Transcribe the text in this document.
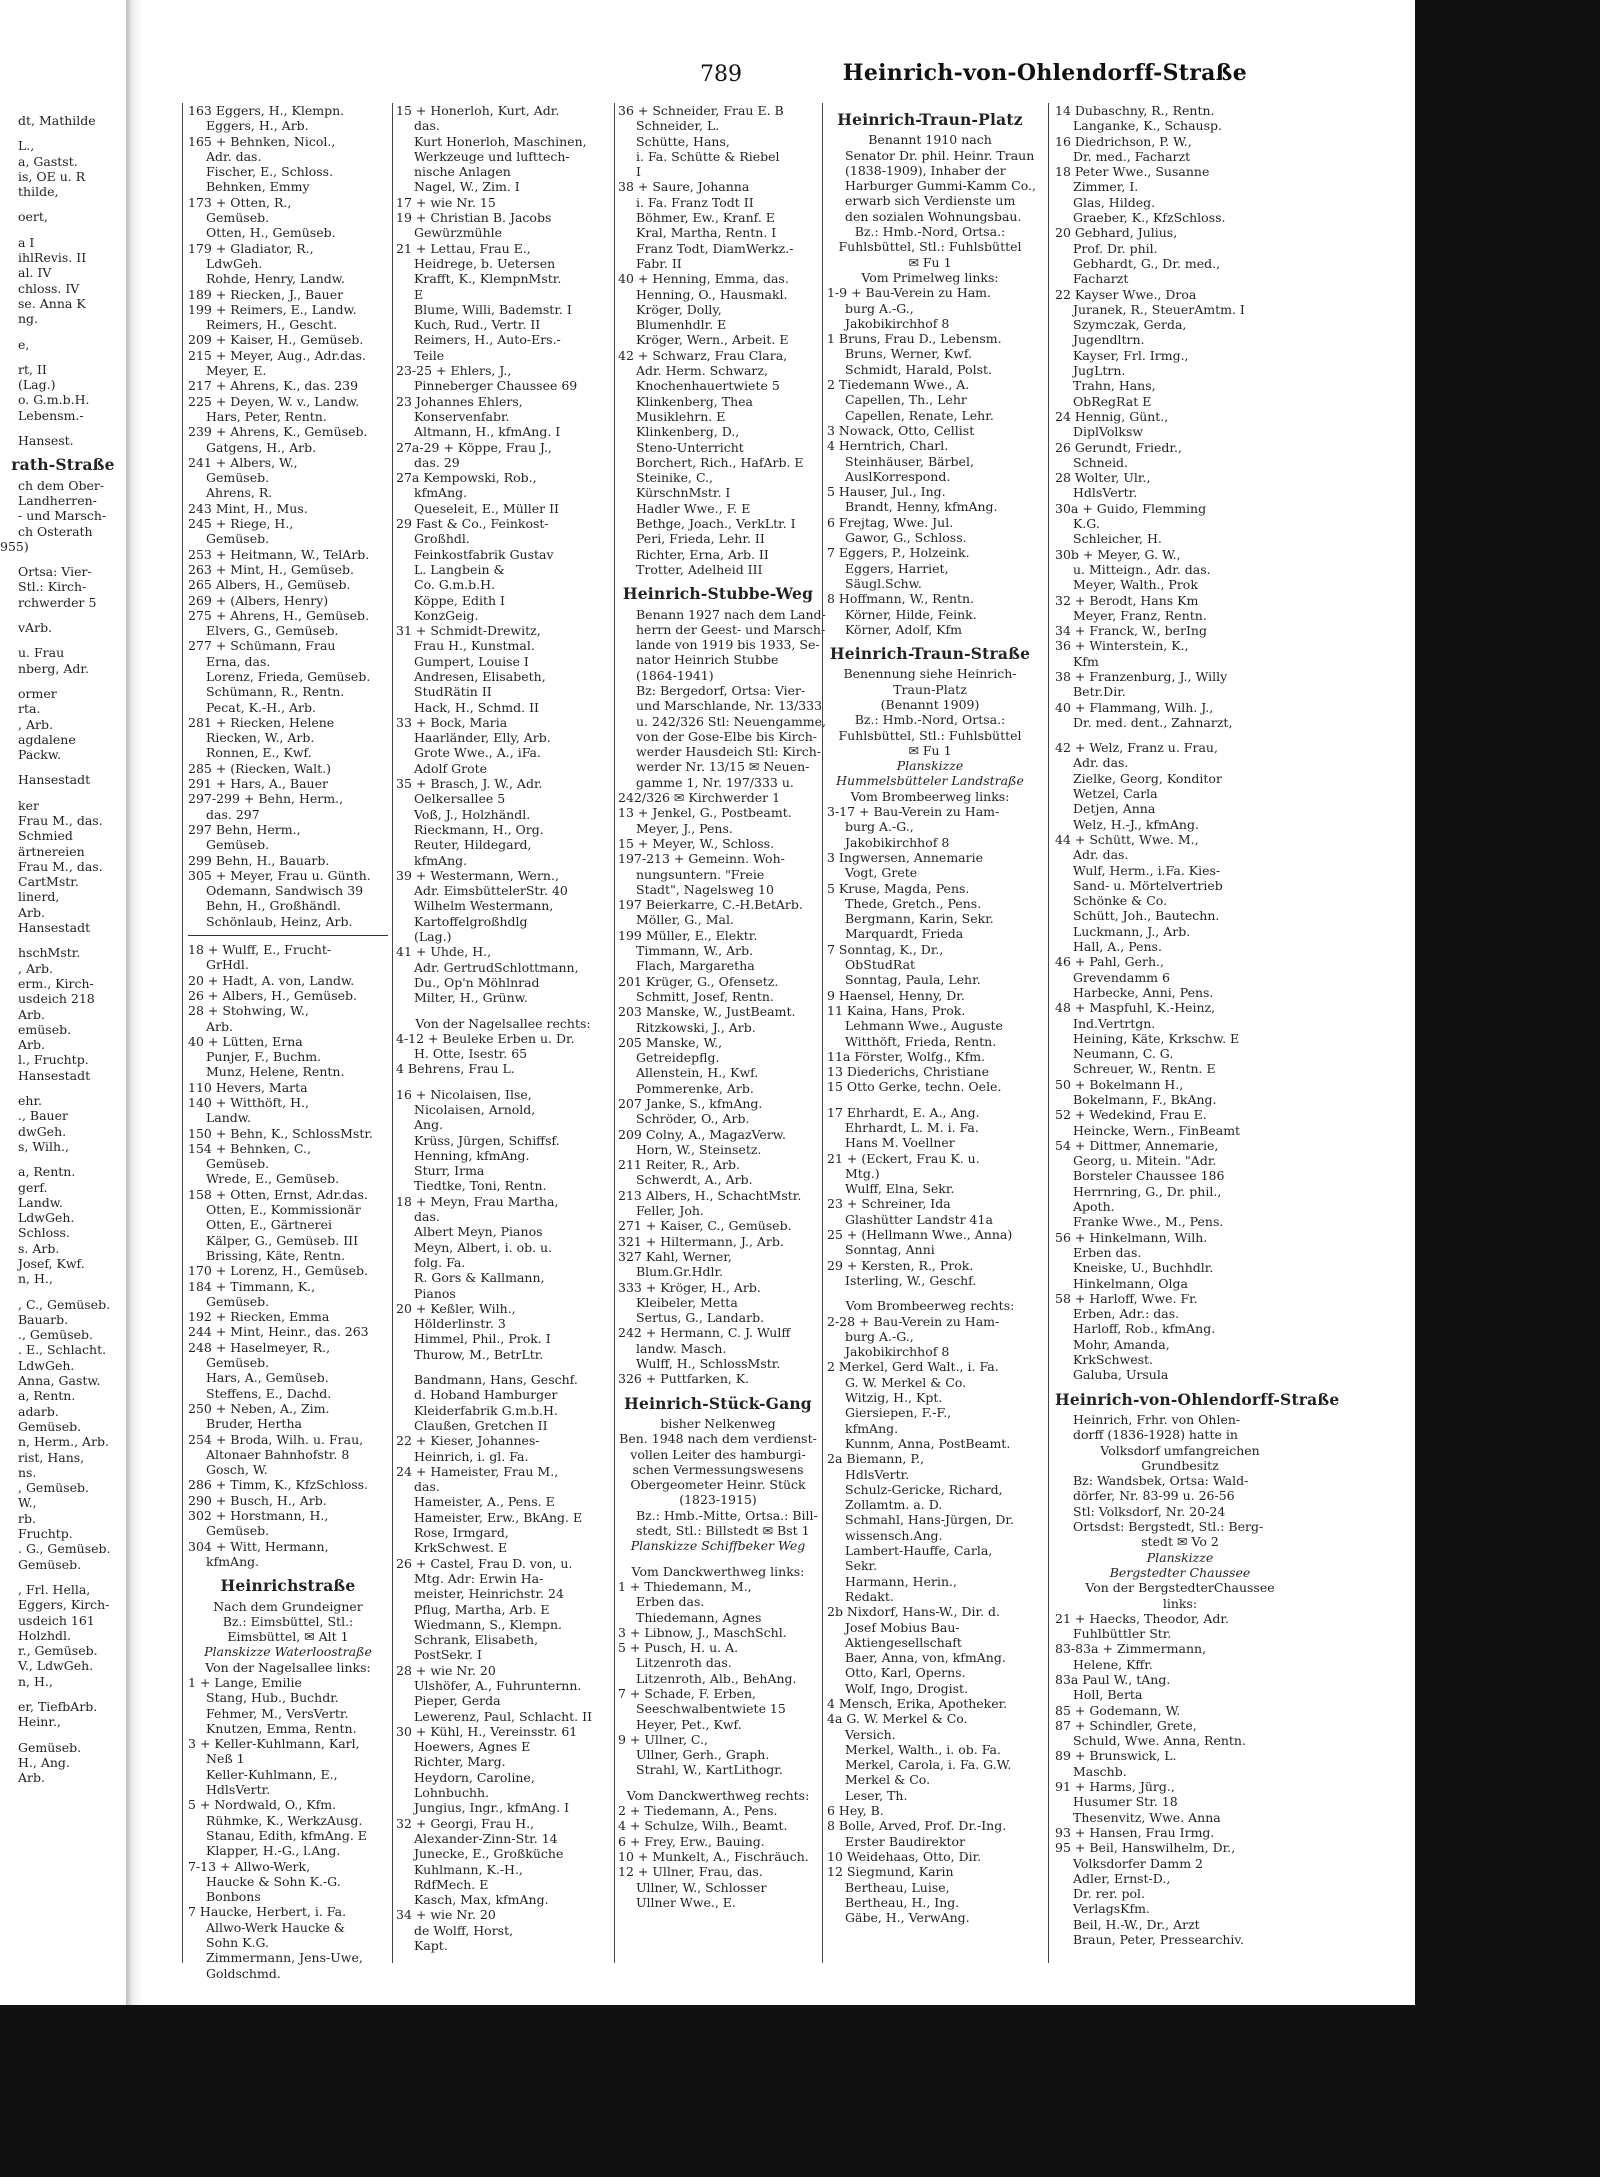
789	Heinrich-von-Ohlendorff-Straße
dt, Mathilde
L.,
a, Gastst.
is, OE u. R
thilde,
oert,
a I
ihlRevis. II
al. IV
chloss. IV
se. Anna K
ng.
e,
rt, II
(Lag.)
o. G.m.b.H.
Lebensm.-
Hansest.
rath-Straße
ch dem Ober-
Landherren-
- und Marsch-
ch Osterath
955)
Ortsa: Vier-
Stl.: Kirch-
rchwerder 5
vArb.
u. Frau
nberg, Adr.
ormer
rta.
, Arb.
agdalene
Packw.
Hansestadt
ker
Frau M., das.
Schmied
ärtnereien
Frau M., das.
CartMstr.
linerd,
Arb.
Hansestadt
hschMstr.
, Arb.
erm., Kirch-
usdeich 218
Arb.
emüseb.
Arb.
l., Fruchtp.
Hansestadt
ehr.
., Bauer
dwGeh.
s, Wilh.,
a, Rentn.
gerf.
Landw.
LdwGeh.
Schloss.
s. Arb.
Josef, Kwf.
n, H.,
, C., Gemüseb.
Bauarb.
., Gemüseb.
. E., Schlacht.
LdwGeh.
Anna, Gastw.
a, Rentn.
adarb.
Gemüseb.
n, Herm., Arb.
rist, Hans,
ns.
, Gemüseb.
W.,
rb.
Fruchtp.
. G., Gemüseb.
Gemüseb.
, Frl. Hella,
Eggers, Kirch-
usdeich 161
Holzhdl.
r., Gemüseb.
V., LdwGeh.
n, H.,
er, TiefbArb.
Heinr.,
Gemüseb.
H., Ang.
Arb.
163 Eggers, H., Klempn.
Eggers, H., Arb.
165 + Behnken, Nicol.,
Adr. das.
Fischer, E., Schloss.
Behnken, Emmy
173 + Otten, R.,
Gemüseb.
Otten, H., Gemüseb.
179 + Gladiator, R.,
LdwGeh.
Rohde, Henry, Landw.
189 + Riecken, J., Bauer
199 + Reimers, E., Landw.
Reimers, H., Gescht.
209 + Kaiser, H., Gemüseb.
215 + Meyer, Aug., Adr.das.
Meyer, E.
217 + Ahrens, K., das. 239
225 + Deyen, W. v., Landw.
Hars, Peter, Rentn.
239 + Ahrens, K., Gemüseb.
Gatgens, H., Arb.
241 + Albers, W.,
Gemüseb.
Ahrens, R.
243 Mint, H., Mus.
245 + Riege, H.,
Gemüseb.
253 + Heitmann, W., TelArb.
263 + Mint, H., Gemüseb.
265 Albers, H., Gemüseb.
269 + (Albers, Henry)
275 + Ahrens, H., Gemüseb.
Elvers, G., Gemüseb.
277 + Schümann, Frau
Erna, das.
Lorenz, Frieda, Gemüseb.
Schümann, R., Rentn.
Pecat, K.-H., Arb.
281 + Riecken, Helene
Riecken, W., Arb.
Ronnen, E., Kwf.
285 + (Riecken, Walt.)
291 + Hars, A., Bauer
297-299 + Behn, Herm.,
das. 297
297 Behn, Herm.,
Gemüseb.
299 Behn, H., Bauarb.
305 + Meyer, Frau u. Günth.
Odemann, Sandwisch 39
Behn, H., Großhändl.
Schönlaub, Heinz, Arb.
18 + Wulff, E., Frucht-
GrHdl.
20 + Hadt, A. von, Landw.
26 + Albers, H., Gemüseb.
28 + Stohwing, W.,
Arb.
40 + Lütten, Erna
Punjer, F., Buchm.
Munz, Helene, Rentn.
110 Hevers, Marta
140 + Witthöft, H.,
Landw.
150 + Behn, K., SchlossMstr.
154 + Behnken, C.,
Gemüseb.
Wrede, E., Gemüseb.
158 + Otten, Ernst, Adr.das.
Otten, E., Kommissionär
Otten, E., Gärtnerei
Kälper, G., Gemüseb. III
Brissing, Käte, Rentn.
170 + Lorenz, H., Gemüseb.
184 + Timmann, K.,
Gemüseb.
192 + Riecken, Emma
244 + Mint, Heinr., das. 263
248 + Haselmeyer, R.,
Gemüseb.
Hars, A., Gemüseb.
Steffens, E., Dachd.
250 + Neben, A., Zim.
Bruder, Hertha
254 + Broda, Wilh. u. Frau,
Altonaer Bahnhofstr. 8
Gosch, W.
286 + Timm, K., KfzSchloss.
290 + Busch, H., Arb.
302 + Horstmann, H.,
Gemüseb.
304 + Witt, Hermann,
kfmAng.
Heinrichstraße
Nach dem Grundeigner
Bz.: Eimsbüttel, Stl.:
Eimsbüttel, ✉ Alt 1
Planskizze Waterloostraße
Von der Nagelsallee links:
1 + Lange, Emilie
Stang, Hub., Buchdr.
Fehmer, M., VersVertr.
Knutzen, Emma, Rentn.
3 + Keller-Kuhlmann, Karl,
Neß 1
Keller-Kuhlmann, E.,
HdlsVertr.
5 + Nordwald, O., Kfm.
Rühmke, K., WerkzAusg.
Stanau, Edith, kfmAng. E
Klapper, H.-G., l.Ang.
7-13 + Allwo-Werk,
Haucke & Sohn K.-G.
Bonbons
7 Haucke, Herbert, i. Fa.
Allwo-Werk Haucke &
Sohn K.G.
Zimmermann, Jens-Uwe,
Goldschmd.
15 + Honerloh, Kurt, Adr.
das.
Kurt Honerloh, Maschinen,
Werkzeuge und lufttech-
nische Anlagen
Nagel, W., Zim. I
17 + wie Nr. 15
19 + Christian B. Jacobs
Gewürzmühle
21 + Lettau, Frau E.,
Heidrege, b. Uetersen
Krafft, K., KlempnMstr.
E
Blume, Willi, Bademstr. I
Kuch, Rud., Vertr. II
Reimers, H., Auto-Ers.-
Teile
23-25 + Ehlers, J.,
Pinneberger Chaussee 69
23 Johannes Ehlers,
Konservenfabr.
Altmann, H., kfmAng. I
27a-29 + Köppe, Frau J.,
das. 29
27a Kempowski, Rob.,
kfmAng.
Queseleit, E., Müller II
29 Fast & Co., Feinkost-
Großhdl.
Feinkostfabrik Gustav
L. Langbein &
Co. G.m.b.H.
Köppe, Edith I
KonzGeig.
31 + Schmidt-Drewitz,
Frau H., Kunstmal.
Gumpert, Louise I
Andresen, Elisabeth,
StudRätin II
Hack, H., Schmd. II
33 + Bock, Maria
Haarländer, Elly, Arb.
Grote Wwe., A., iFa.
Adolf Grote
35 + Brasch, J. W., Adr.
Oelkersallee 5
Voß, J., Holzhändl.
Rieckmann, H., Org.
Reuter, Hildegard,
kfmAng.
39 + Westermann, Wern.,
Adr. EimsbüttelerStr. 40
Wilhelm Westermann,
Kartoffelgroßhdlg
(Lag.)
41 + Uhde, H.,
Adr. GertrudSchlottmann,
Du., Op'n Möhlnrad
Milter, H., Grünw.
Von der Nagelsallee rechts:
4-12 + Beuleke Erben u. Dr.
H. Otte, Isestr. 65
4 Behrens, Frau L.
16 + Nicolaisen, Ilse,
Nicolaisen, Arnold,
Ang.
Krüss, Jürgen, Schiffsf.
Henning, kfmAng.
Sturr, Irma
Tiedtke, Toni, Rentn.
18 + Meyn, Frau Martha,
das.
Albert Meyn, Pianos
Meyn, Albert, i. ob. u.
folg. Fa.
R. Gors & Kallmann,
Pianos
20 + Keßler, Wilh.,
Hölderlinstr. 3
Himmel, Phil., Prok. I
Thurow, M., BetrLtr.
Bandmann, Hans, Geschf.
d. Hoband Hamburger
Kleiderfabrik G.m.b.H.
Claußen, Gretchen II
22 + Kieser, Johannes-
Heinrich, i. gl. Fa.
24 + Hameister, Frau M.,
das.
Hameister, A., Pens. E
Hameister, Erw., BkAng. E
Rose, Irmgard,
KrkSchwest. E
26 + Castel, Frau D. von, u.
Mtg. Adr: Erwin Ha-
meister, Heinrichstr. 24
Pflug, Martha, Arb. E
Wiedmann, S., Klempn.
Schrank, Elisabeth,
PostSekr. I
28 + wie Nr. 20
Ulshöfer, A., Fuhrunternn.
Pieper, Gerda
Lewerenz, Paul, Schlacht. II
30 + Kühl, H., Vereinsstr. 61
Hoewers, Agnes E
Richter, Marg.
Heydorn, Caroline,
Lohnbuchh.
Jungius, Ingr., kfmAng. I
32 + Georgi, Frau H.,
Alexander-Zinn-Str. 14
Junecke, E., Großküche
Kuhlmann, K.-H.,
RdfMech. E
Kasch, Max, kfmAng.
34 + wie Nr. 20
de Wolff, Horst,
Kapt.
36 + Schneider, Frau E. B
Schneider, L.
Schütte, Hans,
i. Fa. Schütte & Riebel
I
38 + Saure, Johanna
i. Fa. Franz Todt II
Böhmer, Ew., Kranf. E
Kral, Martha, Rentn. I
Franz Todt, DiamWerkz.-
Fabr. II
40 + Henning, Emma, das.
Henning, O., Hausmakl.
Kröger, Dolly,
Blumenhdlr. E
Kröger, Wern., Arbeit. E
42 + Schwarz, Frau Clara,
Adr. Herm. Schwarz,
Knochenhauertwiete 5
Klinkenberg, Thea
Musiklehrn. E
Klinkenberg, D.,
Steno-Unterricht
Borchert, Rich., HafArb. E
Steinike, C.,
KürschnMstr. I
Hadler Wwe., F. E
Bethge, Joach., VerkLtr. I
Peri, Frieda, Lehr. II
Richter, Erna, Arb. II
Trotter, Adelheid III
Heinrich-Stubbe-Weg
Benann 1927 nach dem Land-
herrn der Geest- und Marsch-
lande von 1919 bis 1933, Se-
nator Heinrich Stubbe
(1864-1941)
Bz: Bergedorf, Ortsa: Vier-
und Marschlande, Nr. 13/333
u. 242/326 Stl: Neuengamme,
von der Gose-Elbe bis Kirch-
werder Hausdeich Stl: Kirch-
werder Nr. 13/15 ✉ Neuen-
gamme 1, Nr. 197/333 u.
242/326 ✉ Kirchwerder 1
13 + Jenkel, G., Postbeamt.
Meyer, J., Pens.
15 + Meyer, W., Schloss.
197-213 + Gemeinn. Woh-
nungsuntern. "Freie
Stadt", Nagelsweg 10
197 Beierkarre, C.-H.BetArb.
Möller, G., Mal.
199 Müller, E., Elektr.
Timmann, W., Arb.
Flach, Margaretha
201 Krüger, G., Ofensetz.
Schmitt, Josef, Rentn.
203 Manske, W., JustBeamt.
Ritzkowski, J., Arb.
205 Manske, W.,
Getreidepflg.
Allenstein, H., Kwf.
Pommerenke, Arb.
207 Janke, S., kfmAng.
Schröder, O., Arb.
209 Colny, A., MagazVerw.
Horn, W., Steinsetz.
211 Reiter, R., Arb.
Schwerdt, A., Arb.
213 Albers, H., SchachtMstr.
Feller, Joh.
271 + Kaiser, C., Gemüseb.
321 + Hiltermann, J., Arb.
327 Kahl, Werner,
Blum.Gr.Hdlr.
333 + Kröger, H., Arb.
Kleibeler, Metta
Sertus, G., Landarb.
242 + Hermann, C. J. Wulff
landw. Masch.
Wulff, H., SchlossMstr.
326 + Puttfarken, K.
Heinrich-Stück-Gang
bisher Nelkenweg
Ben. 1948 nach dem verdienst-
vollen Leiter des hamburgi-
schen Vermessungswesens
Obergeometer Heinr. Stück
(1823-1915)
Bz.: Hmb.-Mitte, Ortsa.: Bill-
stedt, Stl.: Billstedt ✉ Bst 1
Planskizze Schiffbeker Weg
Vom Danckwerthweg links:
1 + Thiedemann, M.,
Erben das.
Thiedemann, Agnes
3 + Libnow, J., MaschSchl.
5 + Pusch, H. u. A.
Litzenroth das.
Litzenroth, Alb., BehAng.
7 + Schade, F. Erben,
Seeschwalbentwiete 15
Heyer, Pet., Kwf.
9 + Ullner, C.,
Ullner, Gerh., Graph.
Strahl, W., KartLithogr.
Vom Danckwerthweg rechts:
2 + Tiedemann, A., Pens.
4 + Schulze, Wilh., Beamt.
6 + Frey, Erw., Bauing.
10 + Munkelt, A., Fischräuch.
12 + Ullner, Frau, das.
Ullner, W., Schlosser
Ullner Wwe., E.
Heinrich-Traun-Platz
Benannt 1910 nach
Senator Dr. phil. Heinr. Traun
(1838-1909), Inhaber der
Harburger Gummi-Kamm Co.,
erwarb sich Verdienste um
den sozialen Wohnungsbau.
Bz.: Hmb.-Nord, Ortsa.:
Fuhlsbüttel, Stl.: Fuhlsbüttel
✉ Fu 1
Vom Primelweg links:
1-9 + Bau-Verein zu Ham.
burg A.-G.,
Jakobikirchhof 8
1 Bruns, Frau D., Lebensm.
Bruns, Werner, Kwf.
Schmidt, Harald, Polst.
2 Tiedemann Wwe., A.
Capellen, Th., Lehr
Capellen, Renate, Lehr.
3 Nowack, Otto, Cellist
4 Herntrich, Charl.
Steinhäuser, Bärbel,
AuslKorrespond.
5 Hauser, Jul., Ing.
Brandt, Henny, kfmAng.
6 Frejtag, Wwe. Jul.
Gawor, G., Schloss.
7 Eggers, P., Holzeink.
Eggers, Harriet,
Säugl.Schw.
8 Hoffmann, W., Rentn.
Körner, Hilde, Feink.
Körner, Adolf, Kfm
Heinrich-Traun-Straße
Benennung siehe Heinrich-
Traun-Platz
(Benannt 1909)
Bz.: Hmb.-Nord, Ortsa.:
Fuhlsbüttel, Stl.: Fuhlsbüttel
✉ Fu 1
Planskizze
Hummelsbütteler Landstraße
Vom Brombeerweg links:
3-17 + Bau-Verein zu Ham-
burg A.-G.,
Jakobikirchhof 8
3 Ingwersen, Annemarie
Vogt, Grete
5 Kruse, Magda, Pens.
Thede, Gretch., Pens.
Bergmann, Karin, Sekr.
Marquardt, Frieda
7 Sonntag, K., Dr.,
ObStudRat
Sonntag, Paula, Lehr.
9 Haensel, Henny, Dr.
11 Kaina, Hans, Prok.
Lehmann Wwe., Auguste
Witthöft, Frieda, Rentn.
11a Förster, Wolfg., Kfm.
13 Diederichs, Christiane
15 Otto Gerke, techn. Oele.
17 Ehrhardt, E. A., Ang.
Ehrhardt, L. M. i. Fa.
Hans M. Voellner
21 + (Eckert, Frau K. u.
Mtg.)
Wulff, Elna, Sekr.
23 + Schreiner, Ida
Glashütter Landstr 41a
25 + (Hellmann Wwe., Anna)
Sonntag, Anni
29 + Kersten, R., Prok.
Isterling, W., Geschf.
Vom Brombeerweg rechts:
2-28 + Bau-Verein zu Ham-
burg A.-G.,
Jakobikirchhof 8
2 Merkel, Gerd Walt., i. Fa.
G. W. Merkel & Co.
Witzig, H., Kpt.
Giersiepen, F.-F.,
kfmAng.
Kunnm, Anna, PostBeamt.
2a Biemann, P.,
HdlsVertr.
Schulz-Gericke, Richard,
Zollamtm. a. D.
Schmahl, Hans-Jürgen, Dr.
wissensch.Ang.
Lambert-Hauffe, Carla,
Sekr.
Harmann, Herin.,
Redakt.
2b Nixdorf, Hans-W., Dir. d.
Josef Mobius Bau-
Aktiengesellschaft
Baer, Anna, von, kfmAng.
Otto, Karl, Operns.
Wolf, Ingo, Drogist.
4 Mensch, Erika, Apotheker.
4a G. W. Merkel & Co.
Versich.
Merkel, Walth., i. ob. Fa.
Merkel, Carola, i. Fa. G.W.
Merkel & Co.
Leser, Th.
6 Hey, B.
8 Bolle, Arved, Prof. Dr.-Ing.
Erster Baudirektor
10 Weidehaas, Otto, Dir.
12 Siegmund, Karin
Bertheau, Luise,
Bertheau, H., Ing.
Gäbe, H., VerwAng.
14 Dubaschny, R., Rentn.
Langanke, K., Schausp.
16 Diedrichson, P. W.,
Dr. med., Facharzt
18 Peter Wwe., Susanne
Zimmer, I.
Glas, Hildeg.
Graeber, K., KfzSchloss.
20 Gebhard, Julius,
Prof. Dr. phil.
Gebhardt, G., Dr. med.,
Facharzt
22 Kayser Wwe., Droa
Juranek, R., SteuerAmtm. I
Szymczak, Gerda,
Jugendltrn.
Kayser, Frl. Irmg.,
JugLtrn.
Trahn, Hans,
ObRegRat E
24 Hennig, Günt.,
DiplVolksw
26 Gerundt, Friedr.,
Schneid.
28 Wolter, Ulr.,
HdlsVertr.
30a + Guido, Flemming
K.G.
Schleicher, H.
30b + Meyer, G. W.,
u. Mitteign., Adr. das.
Meyer, Walth., Prok
32 + Berodt, Hans Km
Meyer, Franz, Rentn.
34 + Franck, W., berIng
36 + Winterstein, K.,
Kfm
38 + Franzenburg, J., Willy
Betr.Dir.
40 + Flammang, Wilh. J.,
Dr. med. dent., Zahnarzt,
42 + Welz, Franz u. Frau,
Adr. das.
Zielke, Georg, Konditor
Wetzel, Carla
Detjen, Anna
Welz, H.-J., kfmAng.
44 + Schütt, Wwe. M.,
Adr. das.
Wulf, Herm., i.Fa. Kies-
Sand- u. Mörtelvertrieb
Schönke & Co.
Schütt, Joh., Bautechn.
Luckmann, J., Arb.
Hall, A., Pens.
46 + Pahl, Gerh.,
Grevendamm 6
Harbecke, Anni, Pens.
48 + Maspfuhl, K.-Heinz,
Ind.Vertrtgn.
Heining, Käte, Krkschw. E
Neumann, C. G.
Schreuer, W., Rentn. E
50 + Bokelmann H.,
Bokelmann, F., BkAng.
52 + Wedekind, Frau E.
Heincke, Wern., FinBeamt
54 + Dittmer, Annemarie,
Georg, u. Mitein. "Adr.
Borsteler Chaussee 186
Herrnring, G., Dr. phil.,
Apoth.
Franke Wwe., M., Pens.
56 + Hinkelmann, Wilh.
Erben das.
Kneiske, U., Buchhdlr.
Hinkelmann, Olga
58 + Harloff, Wwe. Fr.
Erben, Adr.: das.
Harloff, Rob., kfmAng.
Mohr, Amanda,
KrkSchwest.
Galuba, Ursula
Heinrich-von-Ohlendorff-Straße
Heinrich, Frhr. von Ohlen-
dorff (1836-1928) hatte in
Volksdorf umfangreichen
Grundbesitz
Bz: Wandsbek, Ortsa: Wald-
dörfer, Nr. 83-99 u. 26-56
Stl: Volksdorf, Nr. 20-24
Ortsdst: Bergstedt, Stl.: Berg-
stedt ✉ Vo 2
Planskizze
Bergstedter Chaussee
Von der BergstedterChaussee
links:
21 + Haecks, Theodor, Adr.
Fuhlbüttler Str.
83-83a + Zimmermann,
Helene, Kffr.
83a Paul W., tAng.
Holl, Berta
85 + Godemann, W.
87 + Schindler, Grete,
Schuld, Wwe. Anna, Rentn.
89 + Brunswick, L.
Maschb.
91 + Harms, Jürg.,
Husumer Str. 18
Thesenvitz, Wwe. Anna
93 + Hansen, Frau Irmg.
95 + Beil, Hanswilhelm, Dr.,
Volksdorfer Damm 2
Adler, Ernst-D.,
Dr. rer. pol.
VerlagsKfm.
Beil, H.-W., Dr., Arzt
Braun, Peter, Pressearchiv.
